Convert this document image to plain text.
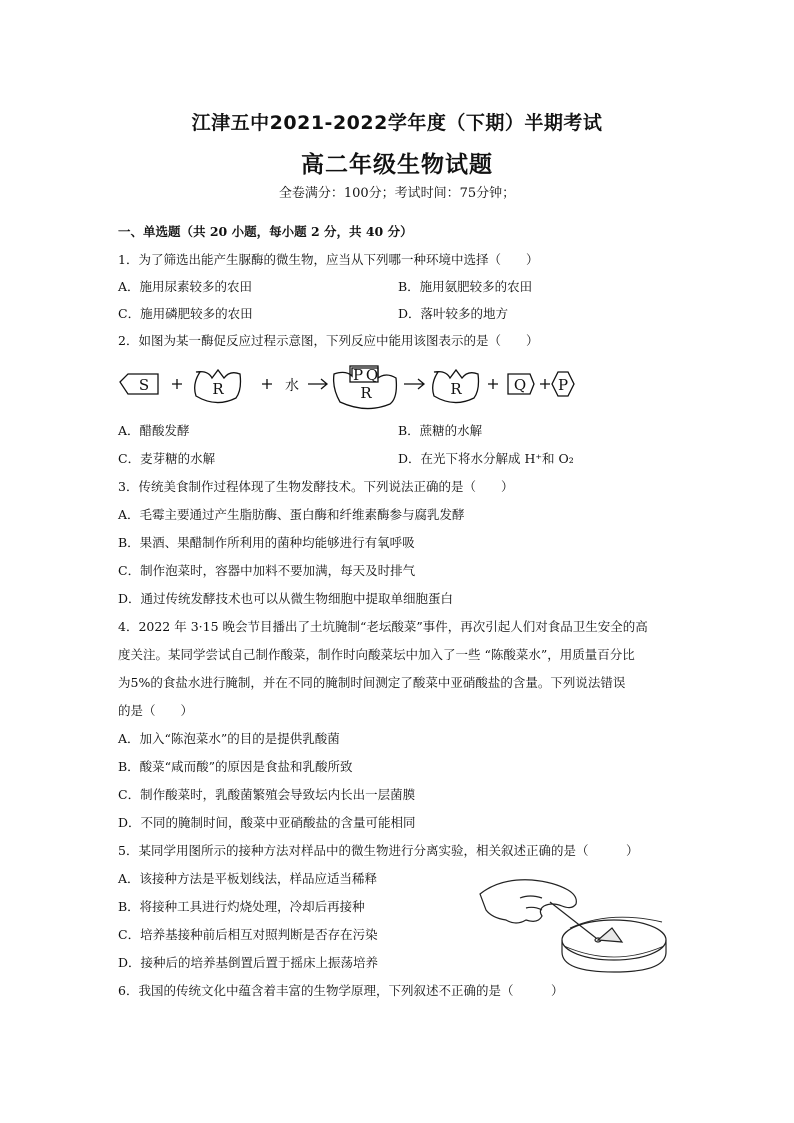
江津五中2021-2022学年度（下期）半期考试
高二年级生物试题
全卷满分：100分；考试时间：75分钟；
一、单选题（共 20 小题，每小题 2 分，共 40 分）
1．为了筛选出能产生脲酶的微生物，应当从下列哪一种环境中选择（　　）
A．施用尿素较多的农田	B．施用氨肥较多的农田
C．施用磷肥较多的农田	D．落叶较多的地方
2．如图为某一酶促反应过程示意图，下列反应中能用该图表示的是（　　）
S	R	水
P Q
R	R	Q P
A．醋酸发酵	B．蔗糖的水解
C．麦芽糖的水解	D．在光下将水分解成 H⁺和 O₂
3．传统美食制作过程体现了生物发酵技术。下列说法正确的是（　　）
A．毛霉主要通过产生脂肪酶、蛋白酶和纤维素酶参与腐乳发酵
B．果酒、果醋制作所利用的菌种均能够进行有氧呼吸
C．制作泡菜时，容器中加料不要加满，每天及时排气
D．通过传统发酵技术也可以从微生物细胞中提取单细胞蛋白
4．2022 年 3·15 晚会节目播出了土坑腌制“老坛酸菜”事件，再次引起人们对食品卫生安全的高
度关注。某同学尝试自己制作酸菜，制作时向酸菜坛中加入了一些 “陈酸菜水”，用质量百分比
为5%的食盐水进行腌制，并在不同的腌制时间测定了酸菜中亚硝酸盐的含量。下列说法错误
的是（　　）
A．加入“陈泡菜水”的目的是提供乳酸菌
B．酸菜“咸而酸”的原因是食盐和乳酸所致
C．制作酸菜时，乳酸菌繁殖会导致坛内长出一层菌膜
D．不同的腌制时间，酸菜中亚硝酸盐的含量可能相同
5．某同学用图所示的接种方法对样品中的微生物进行分离实验，相关叙述正确的是（　　　）
A．该接种方法是平板划线法，样品应适当稀释
B．将接种工具进行灼烧处理，冷却后再接种
C．培养基接种前后相互对照判断是否存在污染
D．接种后的培养基倒置后置于摇床上振荡培养
6．我国的传统文化中蕴含着丰富的生物学原理，下列叙述不正确的是（　　　）
